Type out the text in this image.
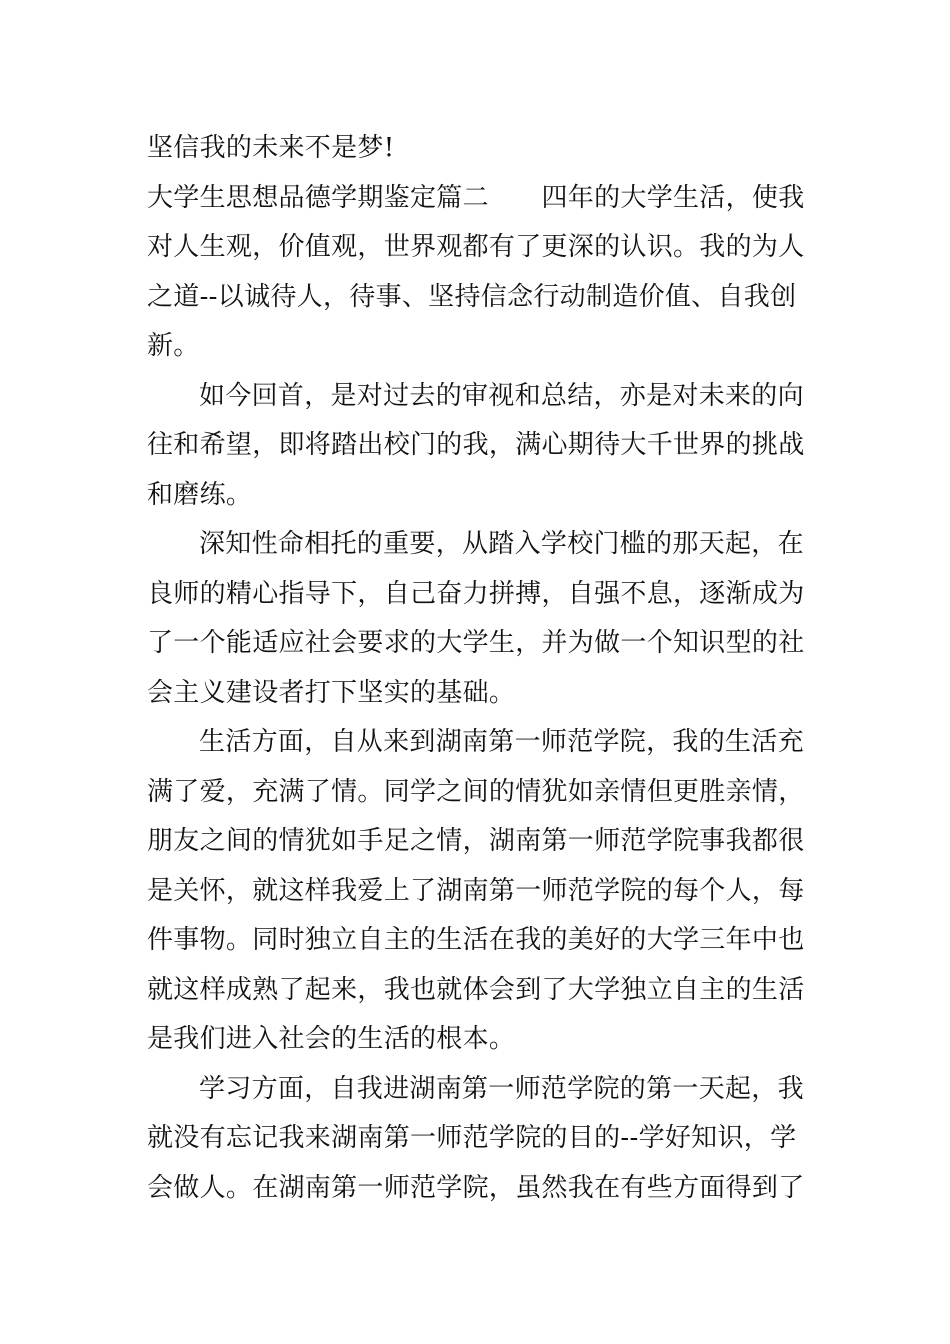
坚信我的未来不是梦!
大学生思想品德学期鉴定篇二　　四年的大学生活，使我
对人生观，价值观，世界观都有了更深的认识。我的为人
之道--以诚待人，待事、坚持信念行动制造价值、自我创
新。
如今回首，是对过去的审视和总结，亦是对未来的向
往和希望，即将踏出校门的我，满心期待大千世界的挑战
和磨练。
深知性命相托的重要，从踏入学校门槛的那天起，在
良师的精心指导下，自己奋力拼搏，自强不息，逐渐成为
了一个能适应社会要求的大学生，并为做一个知识型的社
会主义建设者打下坚实的基础。
生活方面，自从来到湖南第一师范学院，我的生活充
满了爱，充满了情。同学之间的情犹如亲情但更胜亲情，
朋友之间的情犹如手足之情，湖南第一师范学院事我都很
是关怀，就这样我爱上了湖南第一师范学院的每个人，每
件事物。同时独立自主的生活在我的美好的大学三年中也
就这样成熟了起来，我也就体会到了大学独立自主的生活
是我们进入社会的生活的根本。
学习方面，自我进湖南第一师范学院的第一天起，我
就没有忘记我来湖南第一师范学院的目的--学好知识，学
会做人。在湖南第一师范学院，虽然我在有些方面得到了
